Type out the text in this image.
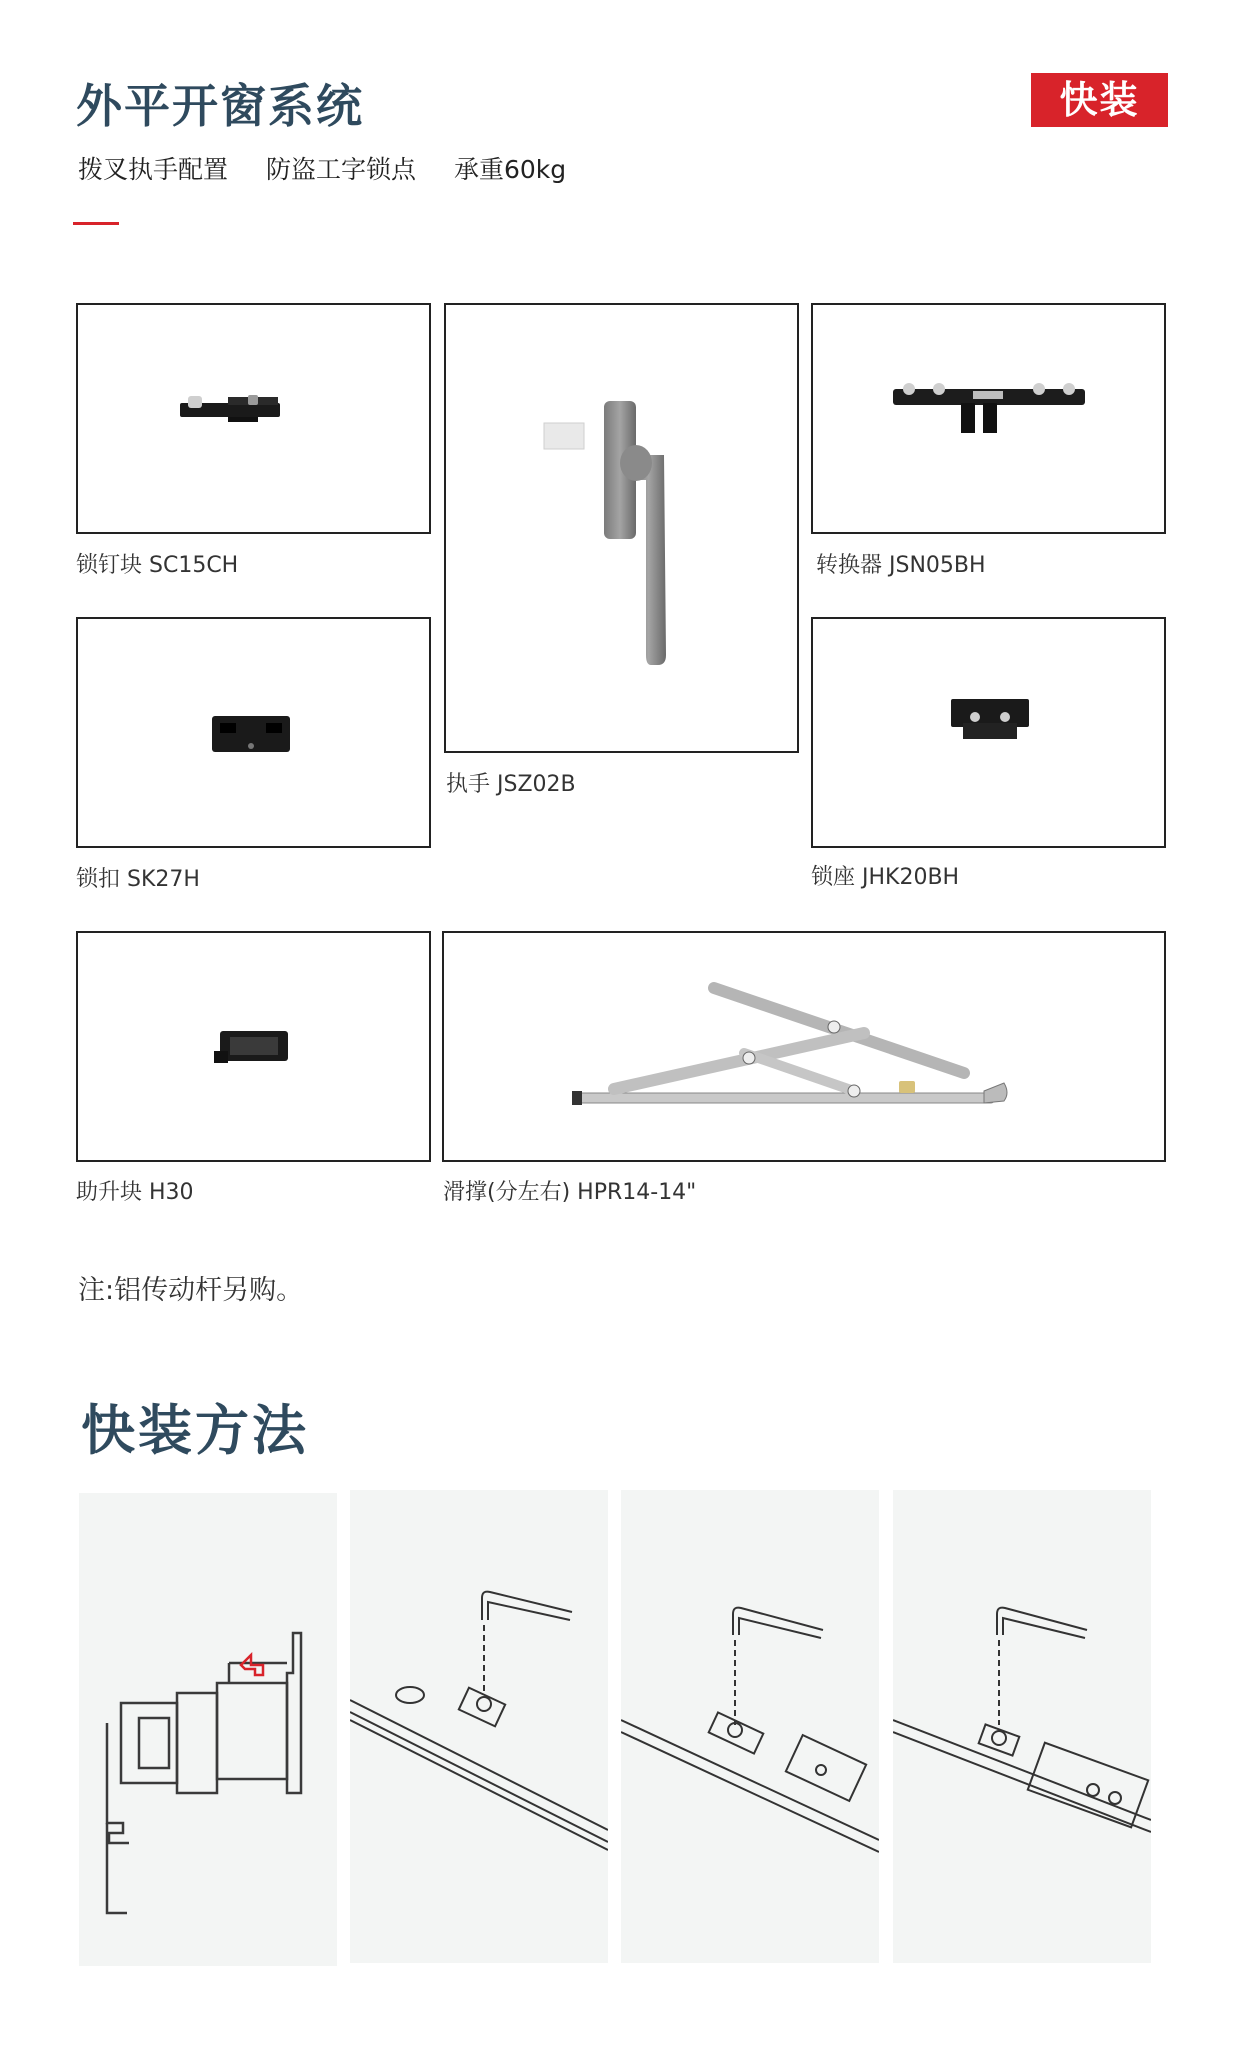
外平开窗系统
拨叉执手配置 防盗工字锁点 承重60kg
快装
锁钉块 SC15CH
执手 JSZ02B
转换器 JSN05BH
锁扣 SK27H	锁座 JHK20BH
助升块 H30	滑撑(分左右) HPR14-14"
注:铝传动杆另购。
快装方法
